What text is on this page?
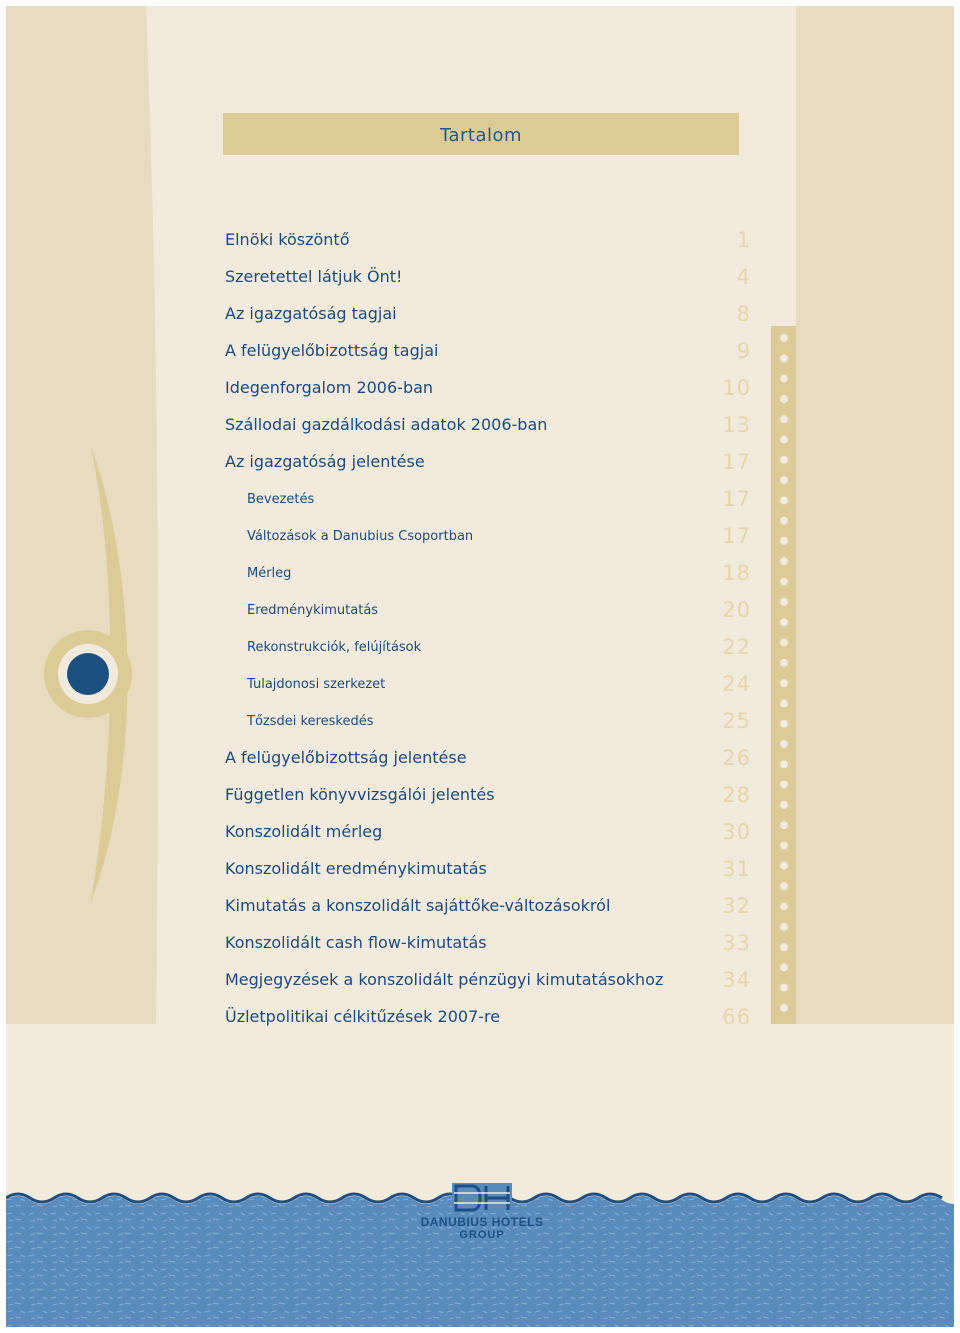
Tartalom
Elnöki köszöntő	1
Szeretettel látjuk Önt!	4
Az igazgatóság tagjai	8
A felügyelőbizottság tagjai	9
Idegenforgalom 2006-ban	10
Szállodai gazdálkodási adatok 2006-ban	13
Az igazgatóság jelentése	17
Bevezetés	17
Változások a Danubius Csoportban	17
Mérleg	18
Eredménykimutatás	20
Rekonstrukciók, felújítások	22
Tulajdonosi szerkezet	24
Tőzsdei kereskedés	25
A felügyelőbizottság jelentése	26
Független könyvvizsgálói jelentés	28
Konszolidált mérleg	30
Konszolidált eredménykimutatás	31
Kimutatás a konszolidált sajáttőke-változásokról	32
Konszolidált cash flow-kimutatás	33
Megjegyzések a konszolidált pénzügyi kimutatásokhoz	34
Üzletpolitikai célkitűzések 2007-re	66
DANUBIUS HOTELS
GROUP
